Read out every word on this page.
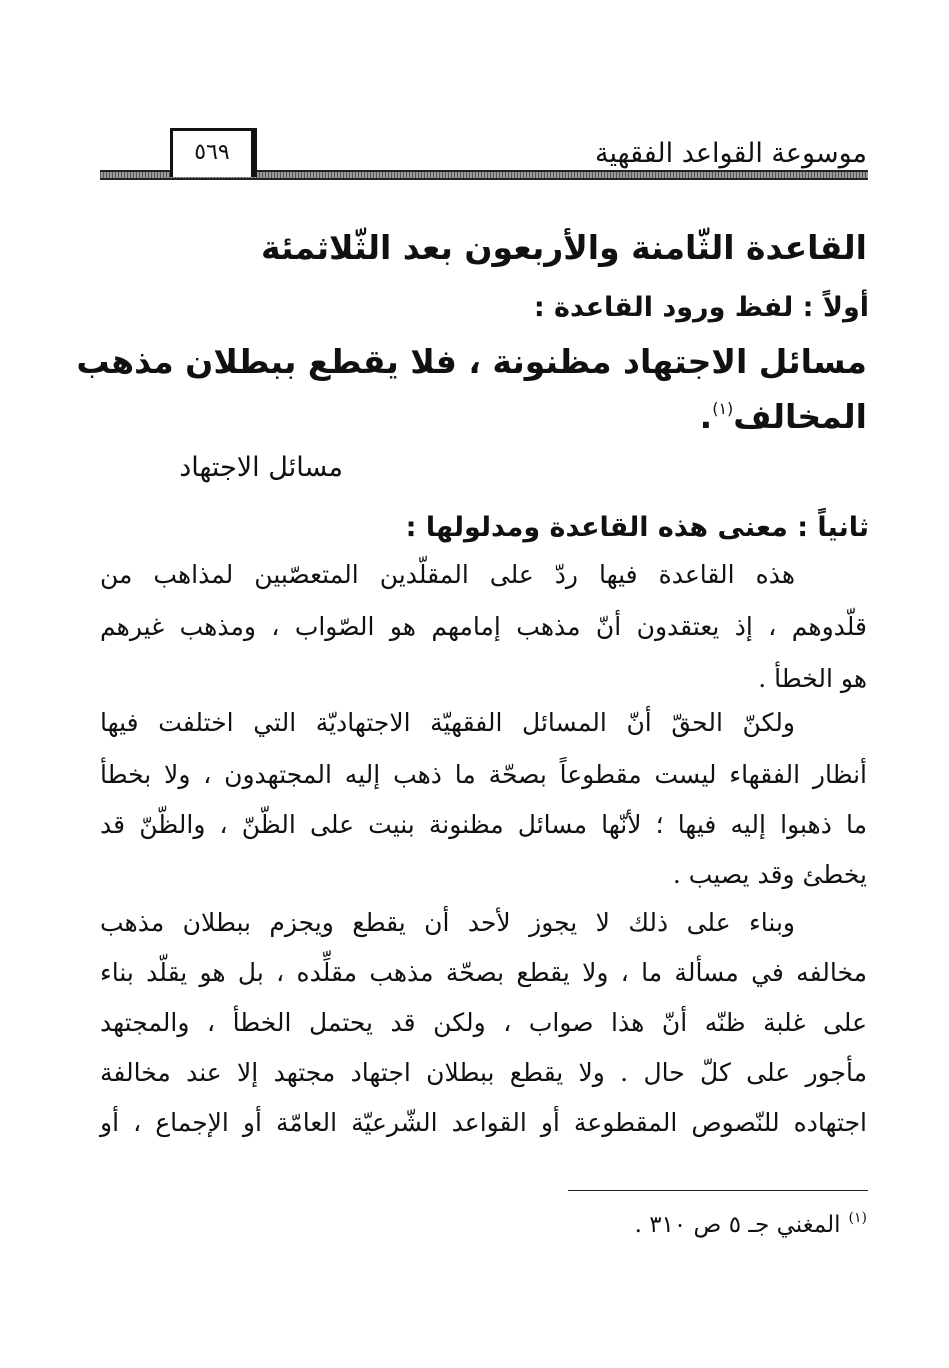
موسوعة القواعد الفقهية
٥٦٩
القاعدة الثّامنة والأربعون بعد الثّلاثمئة
أولاً : لفظ ورود القاعدة :
مسائل الاجتهاد مظنونة ، فلا يقطع ببطلان مذهب
المخالف$^{(١)}$.
مسائل الاجتهاد
ثانياً : معنى هذه القاعدة ومدلولها :
هذه القاعدة فيها ردّ على المقلّدين المتعصّبين لمذاهب من
قلّدوهم ، إذ يعتقدون أنّ مذهب إمامهم هو الصّواب ، ومذهب غيرهم
هو الخطأ .
ولكنّ الحقّ أنّ المسائل الفقهيّة الاجتهاديّة التي اختلفت فيها
أنظار الفقهاء ليست مقطوعاً بصحّة ما ذهب إليه المجتهدون ، ولا بخطأ
ما ذهبوا إليه فيها ؛ لأنّها مسائل مظنونة بنيت على الظّنّ ، والظّنّ قد
يخطئ وقد يصيب .
وبناء على ذلك لا يجوز لأحد أن يقطع ويجزم ببطلان مذهب
مخالفه في مسألة ما ، ولا يقطع بصحّة مذهب مقلِّده ، بل هو يقلّد بناء
على غلبة ظنّه أنّ هذا صواب ، ولكن قد يحتمل الخطأ ، والمجتهد
مأجور على كلّ حال . ولا يقطع ببطلان اجتهاد مجتهد إلا عند مخالفة
اجتهاده للنّصوص المقطوعة أو القواعد الشّرعيّة العامّة أو الإجماع ، أو
$^{(١)}$المغني جـ ٥ ص ٣١٠ .
